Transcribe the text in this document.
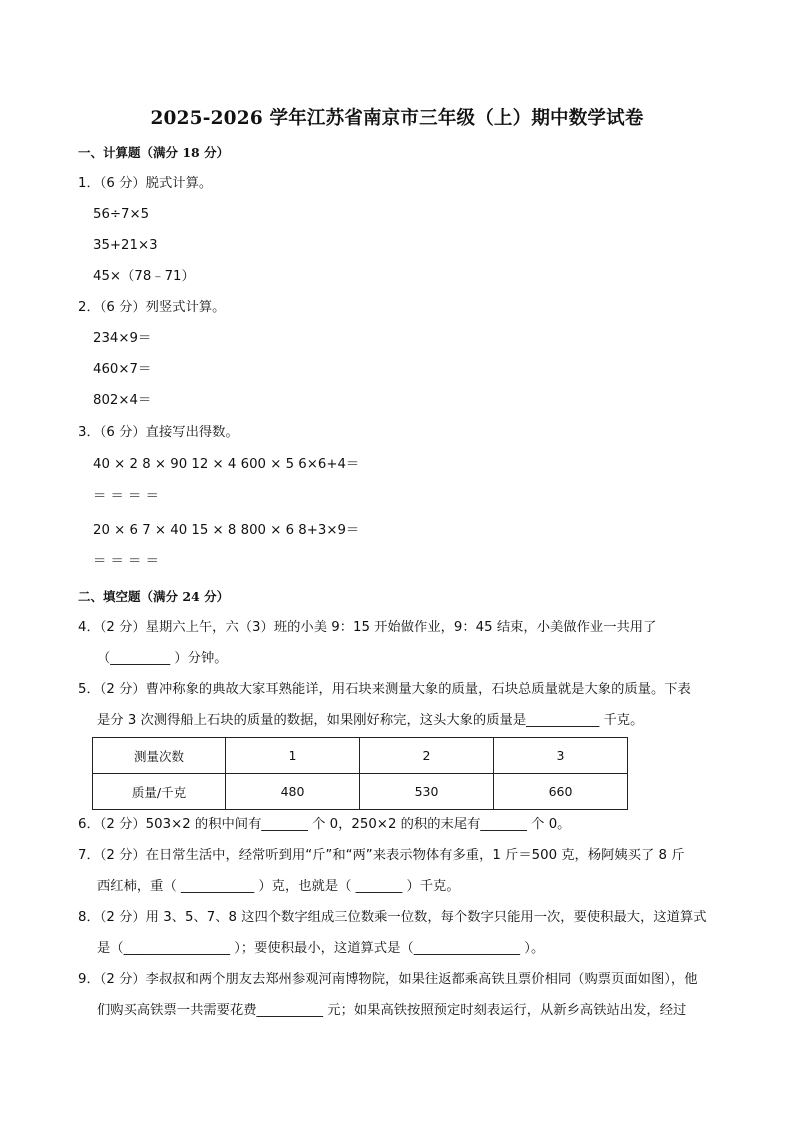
2025-2026 学年江苏省南京市三年级（上）期中数学试卷
一、计算题（满分 18 分）
1．（6 分）脱式计算。
56÷7×5
35+21×3
45×（78﹣71）
2．（6 分）列竖式计算。
234×9＝
460×7＝
802×4＝
3．（6 分）直接写出得数。
40 × 2 8 × 90 12 × 4 600 × 5 6×6+4＝
＝ ＝ ＝ ＝
20 × 6 7 × 40 15 × 8 800 × 6 8+3×9＝
＝ ＝ ＝ ＝
二、填空题（满分 24 分）
4．（2 分）星期六上午，六（3）班的小美 9：15 开始做作业，9：45 结束，小美做作业一共用了
（_________ ）分钟。
5．（2 分）曹冲称象的典故大家耳熟能详，用石块来测量大象的质量，石块总质量就是大象的质量。下表
是分 3 次测得船上石块的质量的数据，如果刚好称完，这头大象的质量是___________ 千克。
测量次数	1	2	3
质量/千克	480	530	660
6．（2 分）503×2 的积中间有_______ 个 0，250×2 的积的末尾有_______ 个 0。
7．（2 分）在日常生活中，经常听到用“斤”和“两”来表示物体有多重，1 斤＝500 克，杨阿姨买了 8 斤
西红柿，重（ ___________ ）克，也就是（ _______ ）千克。
8．（2 分）用 3、5、7、8 这四个数字组成三位数乘一位数，每个数字只能用一次，要使积最大，这道算式
是（________________ ）；要使积最小，这道算式是（________________ ）。
9．（2 分）李叔叔和两个朋友去郑州参观河南博物院，如果往返都乘高铁且票价相同（购票页面如图），他
们购买高铁票一共需要花费__________ 元；如果高铁按照预定时刻表运行，从新乡高铁站出发，经过
